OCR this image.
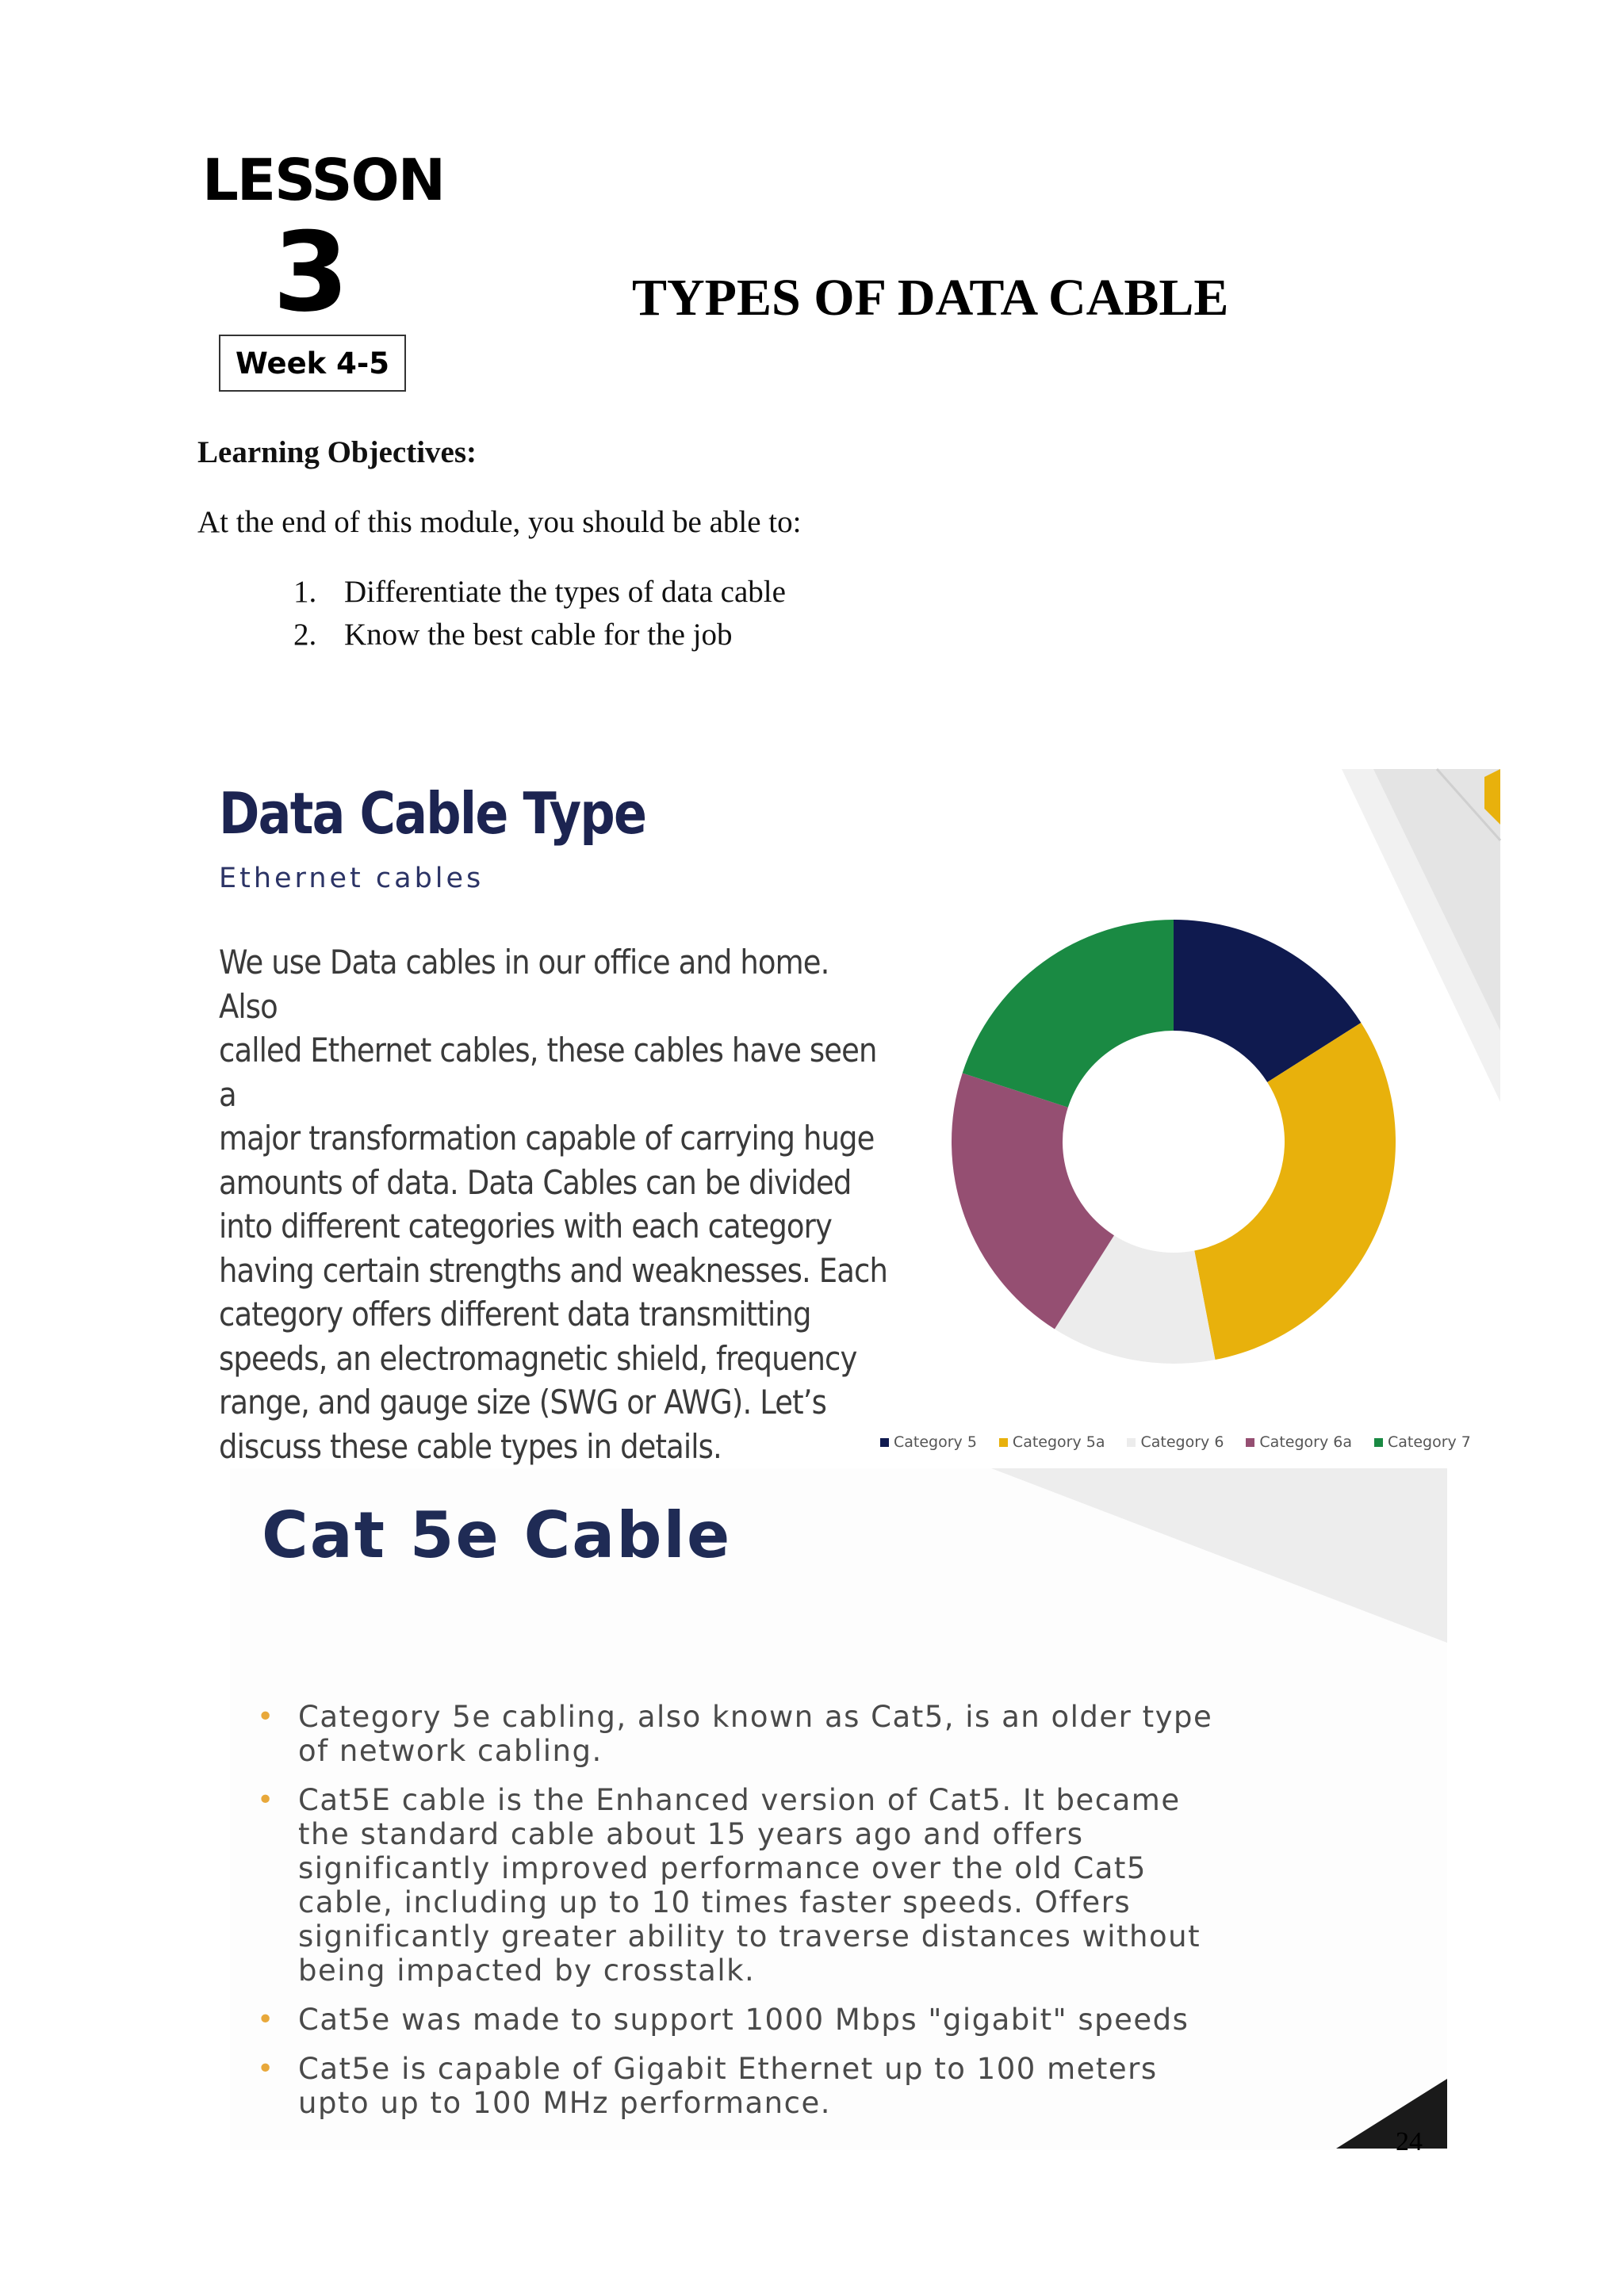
LESSON
3
Week 4-5
TYPES OF DATA CABLE
Learning Objectives:
At the end of this module, you should be able to:
1. Differentiate the types of data cable
2. Know the best cable for the job
Data Cable Type
Ethernet cables
We use Data cables in our office and home. Also
called Ethernet cables, these cables have seen a
major transformation capable of carrying huge
amounts of data. Data Cables can be divided
into different categories with each category
having certain strengths and weaknesses. Each
category offers different data transmitting
speeds, an electromagnetic shield, frequency
range, and gauge size (SWG or AWG). Let’s
discuss these cable types in details.	Category 5 Category 5a Category 6 Category 6a Category 7
Cat 5e Cable
• Category 5e cabling, also known as Cat5, is an older type
of network cabling.
• Cat5E cable is the Enhanced version of Cat5. It became
the standard cable about 15 years ago and offers
significantly improved performance over the old Cat5
cable, including up to 10 times faster speeds. Offers
significantly greater ability to traverse distances without
being impacted by crosstalk.
• Cat5e was made to support 1000 Mbps "gigabit" speeds
• Cat5e is capable of Gigabit Ethernet up to 100 meters
upto up to 100 MHz performance.
24
